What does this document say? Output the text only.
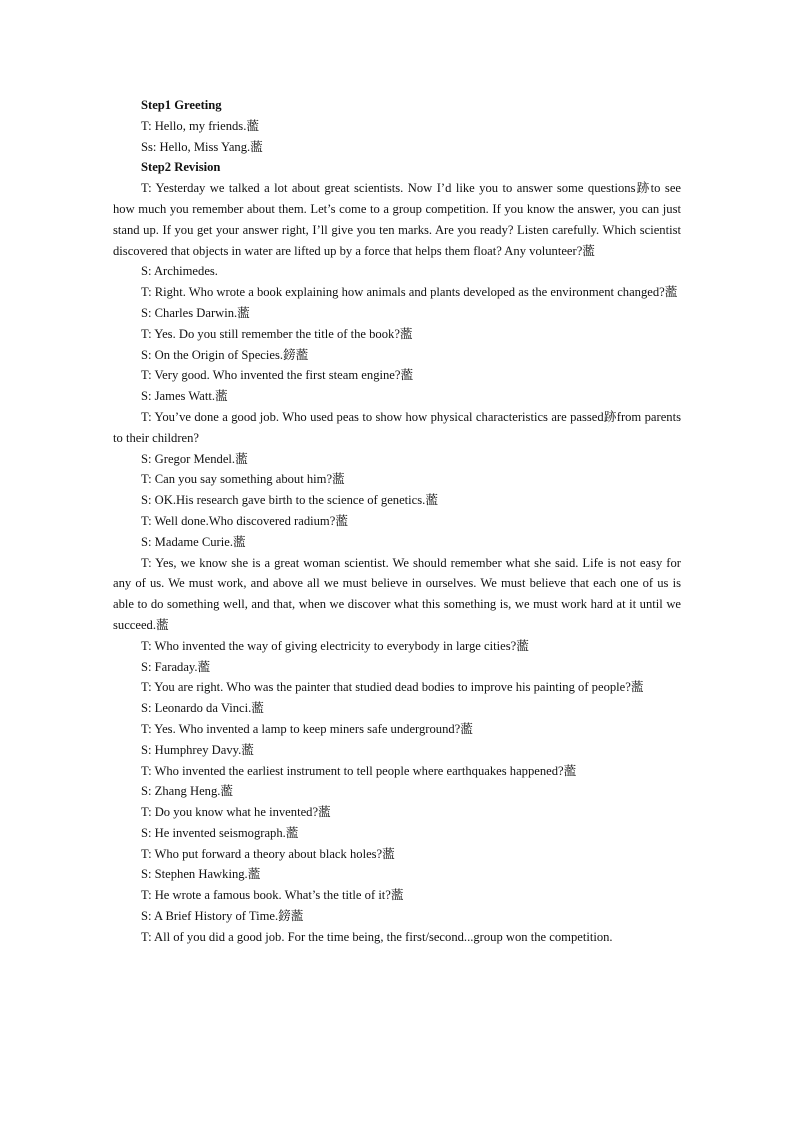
Step1 Greeting

T: Hello, my friends.蘫

Ss: Hello, Miss Yang.蘫

Step2 Revision

T: Yesterday we talked a lot about great scientists. Now I’d like you to answer some questions跡to see how much you remember about them. Let’s come to a group competition. If you know the answer, you can just stand up. If you get your answer right, I’ll give you ten marks. Are you ready? Listen carefully. Which scientist discovered that objects in water are lifted up by a force that helps them float? Any volunteer?蘫

S: Archimedes.

T: Right. Who wrote a book explaining how animals and plants developed as the environment changed?蘫

S: Charles Darwin.蘫

T: Yes. Do you still remember the title of the book?蘫

S: On the Origin of Species.鎊蘫

T: Very good. Who invented the first steam engine?蘫

S: James Watt.蘫

T: You’ve done a good job. Who used peas to show how physical characteristics are passed跡from parents to their children?

S: Gregor Mendel.蘫

T: Can you say something about him?蘫

S: OK.His research gave birth to the science of genetics.蘫

T: Well done.Who discovered radium?蘫

S: Madame Curie.蘫

T: Yes, we know she is a great woman scientist. We should remember what she said. Life is not easy for any of us. We must work, and above all we must believe in ourselves. We must believe that each one of us is able to do something well, and that, when we discover what this something is, we must work hard at it until we succeed.蘫

T: Who invented the way of giving electricity to everybody in large cities?蘫

S: Faraday.蘫

T: You are right. Who was the painter that studied dead bodies to improve his painting of people?蘫

S: Leonardo da Vinci.蘫

T: Yes. Who invented a lamp to keep miners safe underground?蘫

S: Humphrey Davy.蘫

T: Who invented the earliest instrument to tell people where earthquakes happened?蘫

S: Zhang Heng.蘫

T: Do you know what he invented?蘫

S: He invented seismograph.蘫

T: Who put forward a theory about black holes?蘫

S: Stephen Hawking.蘫

T: He wrote a famous book. What’s the title of it?蘫

S: A Brief History of Time.鎊蘫

T: All of you did a good job. For the time being, the first/second...group won the competition.
